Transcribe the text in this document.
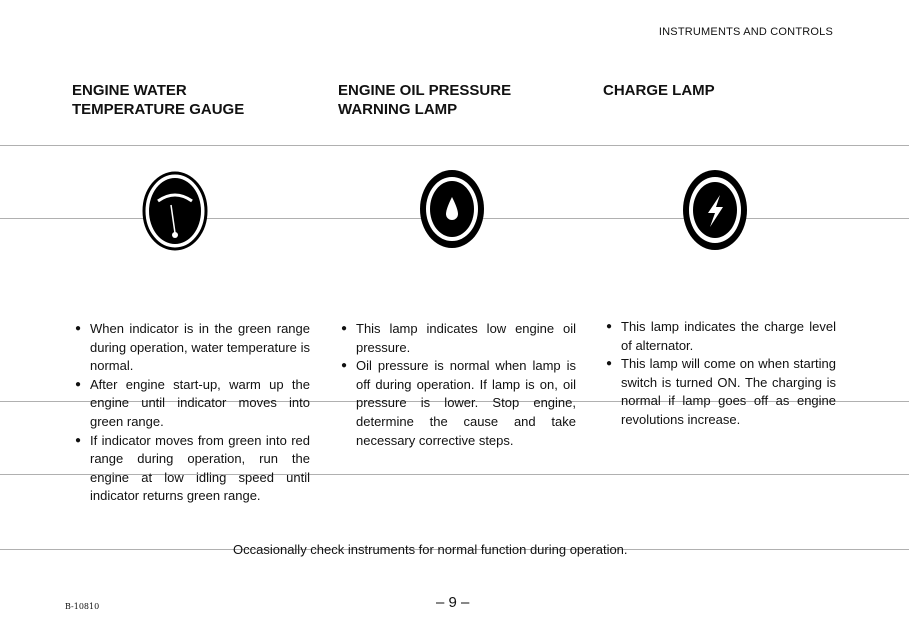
INSTRUMENTS AND CONTROLS
ENGINE WATER
TEMPERATURE GAUGE
ENGINE OIL PRESSURE
WARNING LAMP
CHARGE LAMP
● When indicator is in the green range during operation, water temperature is normal.
● After engine start-up, warm up the engine until indicator moves into green range.
● If indicator moves from green into red range during operation, run the engine at low idling speed until indicator returns green range.
● This lamp indicates low engine oil pressure.
● Oil pressure is normal when lamp is off during operation. If lamp is on, oil pressure is lower. Stop engine, determine the cause and take necessary corrective steps.
● This lamp indicates the charge level of alternator.
● This lamp will come on when starting switch is turned ON. The charging is normal if lamp goes off as engine revolutions increase.
Occasionally check instruments for normal function during operation.
B-10810	– 9 –
